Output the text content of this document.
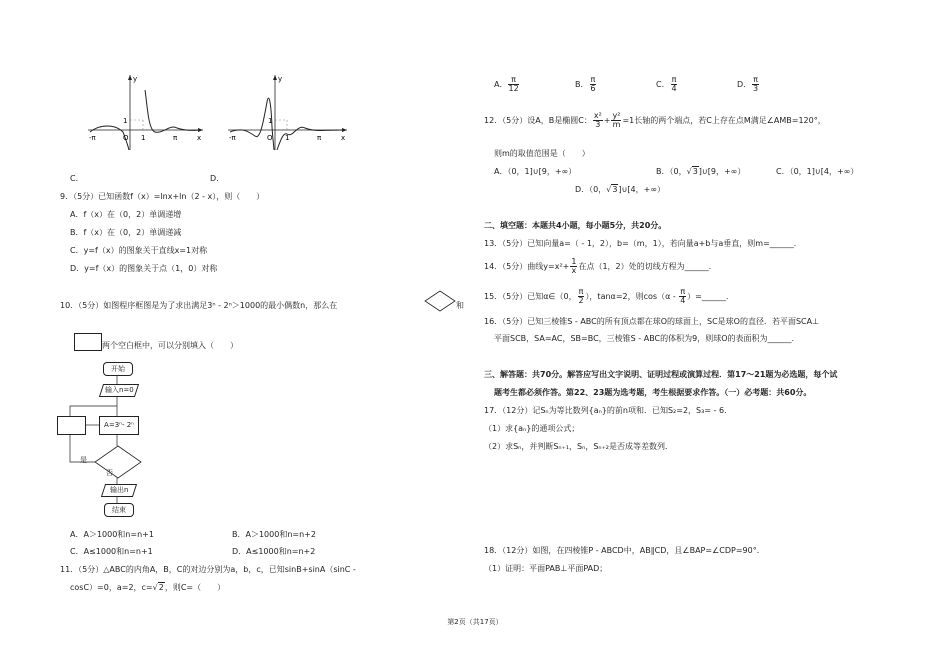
y
x
1
O 1
-π	π
C.
y
x
1
O 1
-π	π
D.
9．（5分）已知函数f（x）=lnx+ln（2 - x），则（　　）
A．f（x）在（0，2）单调递增
B．f（x）在（0，2）单调递减
C．y=f（x）的图象关于直线x=1对称
D．y=f（x）的图象关于点（1，0）对称
10．（5分）如图程序框图是为了求出满足3ⁿ - 2ⁿ＞1000的最小偶数n，那么在	和
两个空白框中，可以分别填入（　　）
开始
输入n=0
A=3ⁿ- 2ⁿ
是
否
输出n
结束
A．A＞1000和n=n+1	B．A＞1000和n=n+2
C．A≤1000和n=n+1	D．A≤1000和n=n+2
11．（5分）△ABC的内角A，B，C的对边分别为a，b，c，已知sinB+sinA（sinC -
cosC）=0，a=2，c=√2，则C=（　　）
A． $\frac{\pi}{12}$	B． $\frac{\pi}{6}$	C． $\frac{\pi}{4}$	D． $\frac{\pi}{3}$
12．（5分）设A，B是椭圆C： $\frac{\text{x²}}{3} + \frac{\text{y²}}{m} =1$长轴的两个端点，若C上存在点M满足∠AMB=120°，
则m的取值范围是（　　）
A．（0，1]∪[9，+∞）	B．（0，√3]∪[9，+∞）	C．（0，1]∪[4，+∞）
D．（0，√3]∪[4，+∞）
二、填空题：本题共4小题，每小题5分，共20分。
13．（5分）已知向量a=（ - 1，2），b=（m，1），若向量a+b与a垂直，则m=______.
14．（5分）曲线$y=x^2+ \frac{1}{x}$ 在点（1，2）处的切线方程为______.
15．（5分）已知α∈（0， $\frac{\pi}{2}$ ），tanα=2，则$\cos(\alpha - \frac{\pi}{4}$ ）=______.
16．（5分）已知三棱锥S - ABC的所有顶点都在球O的球面上，SC是球O的直径．若平面SCA⊥
平面SCB，SA=AC，SB=BC，三棱锥S - ABC的体积为9，则球O的表面积为______.
三、解答题：共70分。解答应写出文字说明、证明过程或演算过程．第17～21题为必选题，每个试
题考生都必须作答。第22、23题为选考题，考生根据要求作答。（一）必考题：共60分。
17．（12分）记Sₙ为等比数列{aₙ}的前n项和．已知S₂=2，S₃= - 6．
（1）求{aₙ}的通项公式；
（2）求Sₙ，并判断Sₙ₊₁，Sₙ，Sₙ₊₂是否成等差数列．
18．（12分）如图，在四棱锥P - ABCD中，AB∥CD，且∠BAP=∠CDP=90°．
（1）证明：平面PAB⊥平面PAD；
第2页（共17页）
